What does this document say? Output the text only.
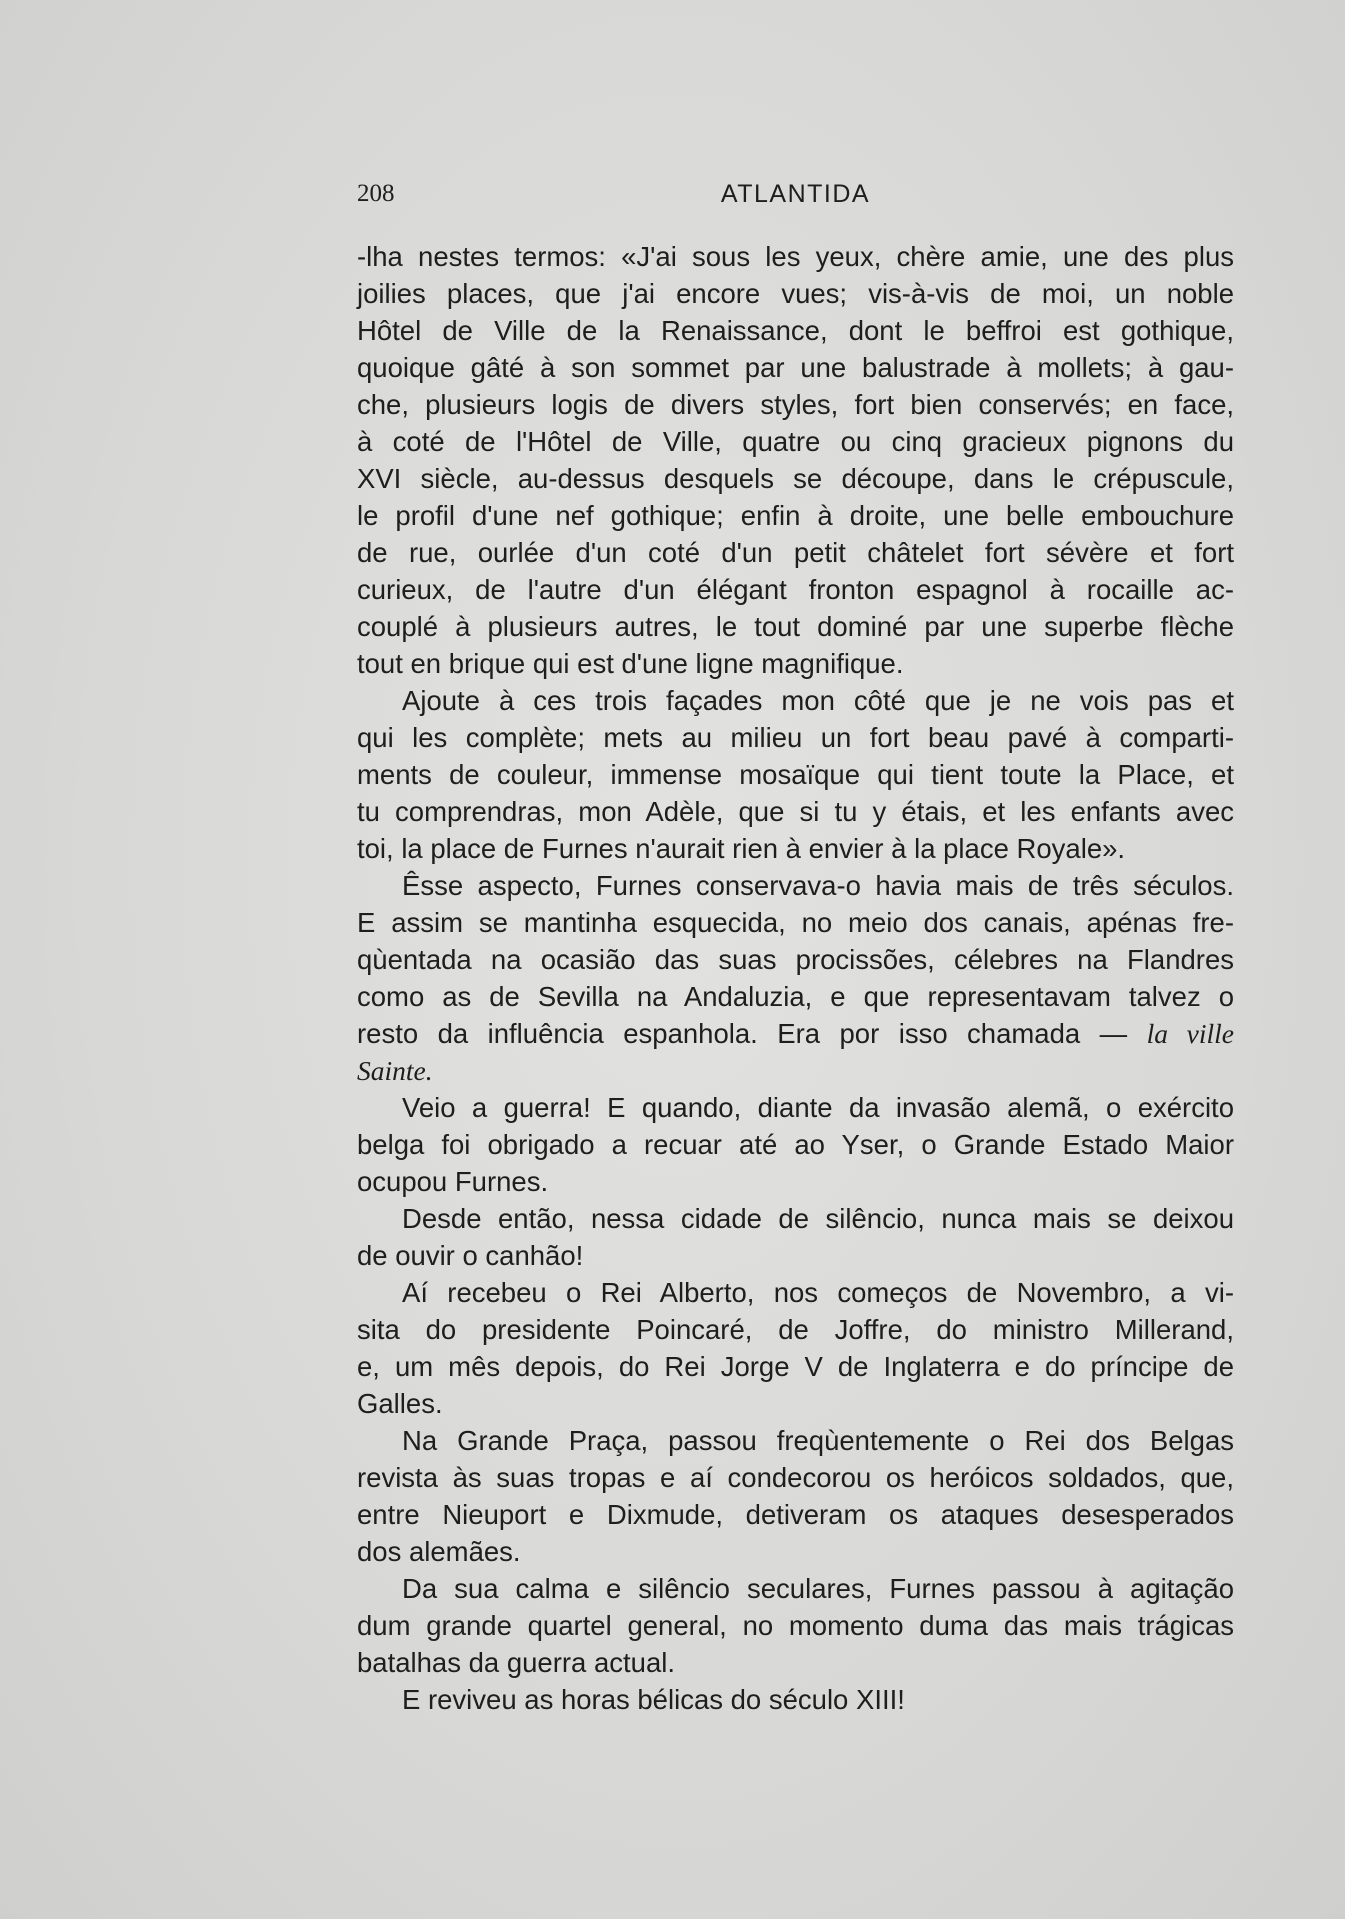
208	ATLANTIDA
-lha nestes termos: «J'ai sous les yeux, chère amie, une des plus
joilies places, que j'ai encore vues; vis-à-vis de moi, un noble
Hôtel de Ville de la Renaissance, dont le beffroi est gothique,
quoique gâté à son sommet par une balustrade à mollets; à gau-
che, plusieurs logis de divers styles, fort bien conservés; en face,
à coté de l'Hôtel de Ville, quatre ou cinq gracieux pignons du
XVI siècle, au-dessus desquels se découpe, dans le crépuscule,
le profil d'une nef gothique; enfin à droite, une belle embouchure
de rue, ourlée d'un coté d'un petit châtelet fort sévère et fort
curieux, de l'autre d'un élégant fronton espagnol à rocaille ac-
couplé à plusieurs autres, le tout dominé par une superbe flèche
tout en brique qui est d'une ligne magnifique.
Ajoute à ces trois façades mon côté que je ne vois pas et
qui les complète; mets au milieu un fort beau pavé à comparti-
ments de couleur, immense mosaïque qui tient toute la Place, et
tu comprendras, mon Adèle, que si tu y étais, et les enfants avec
toi, la place de Furnes n'aurait rien à envier à la place Royale».
Êsse aspecto, Furnes conservava-o havia mais de três séculos.
E assim se mantinha esquecida, no meio dos canais, apénas fre-
qùentada na ocasião das suas procissões, célebres na Flandres
como as de Sevilla na Andaluzia, e que representavam talvez o
resto da influência espanhola. Era por isso chamada — la ville
Sainte.
Veio a guerra! E quando, diante da invasão alemã, o exército
belga foi obrigado a recuar até ao Yser, o Grande Estado Maior
ocupou Furnes.
Desde então, nessa cidade de silêncio, nunca mais se deixou
de ouvir o canhão!
Aí recebeu o Rei Alberto, nos começos de Novembro, a vi-
sita do presidente Poincaré, de Joffre, do ministro Millerand,
e, um mês depois, do Rei Jorge V de Inglaterra e do príncipe de
Galles.
Na Grande Praça, passou freqùentemente o Rei dos Belgas
revista às suas tropas e aí condecorou os heróicos soldados, que,
entre Nieuport e Dixmude, detiveram os ataques desesperados
dos alemães.
Da sua calma e silêncio seculares, Furnes passou à agitação
dum grande quartel general, no momento duma das mais trágicas
batalhas da guerra actual.
E reviveu as horas bélicas do século XIII!
